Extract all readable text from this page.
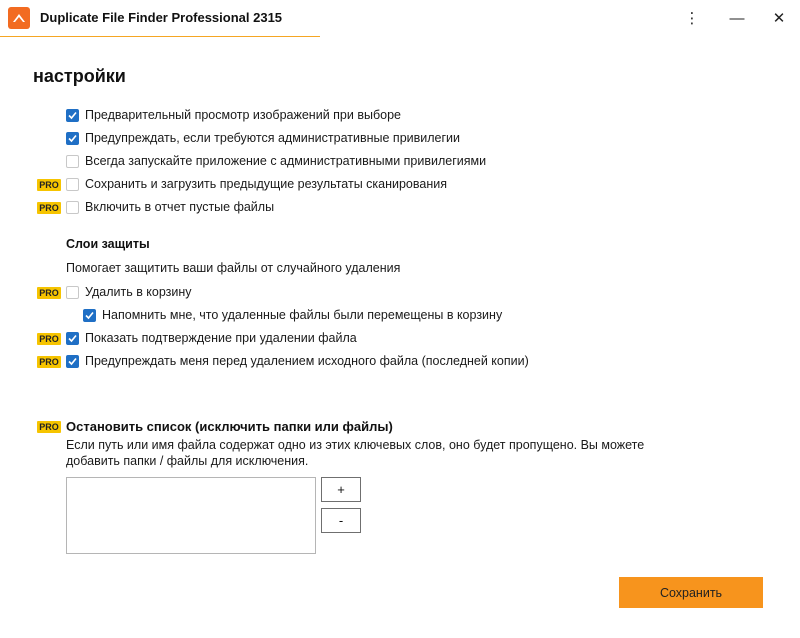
Duplicate File Finder Professional 2315	⋮	—	✕
настройки
Предварительный просмотр изображений при выборе
Предупреждать, если требуются административные привилегии
Всегда запускайте приложение с административными привилегиями
PRO Сохранить и загрузить предыдущие результаты сканирования
PRO Включить в отчет пустые файлы
Слои защиты
Помогает защитить ваши файлы от случайного удаления
PRO Удалить в корзину
Напомнить мне, что удаленные файлы были перемещены в корзину
PRO Показать подтверждение при удалении файла
PRO Предупреждать меня перед удалением исходного файла (последней копии)
PRO Остановить список (исключить папки или файлы)
Если путь или имя файла содержат одно из этих ключевых слов, оно будет пропущено. Вы можете добавить папки / файлы для исключения.
+
-
Сохранить
